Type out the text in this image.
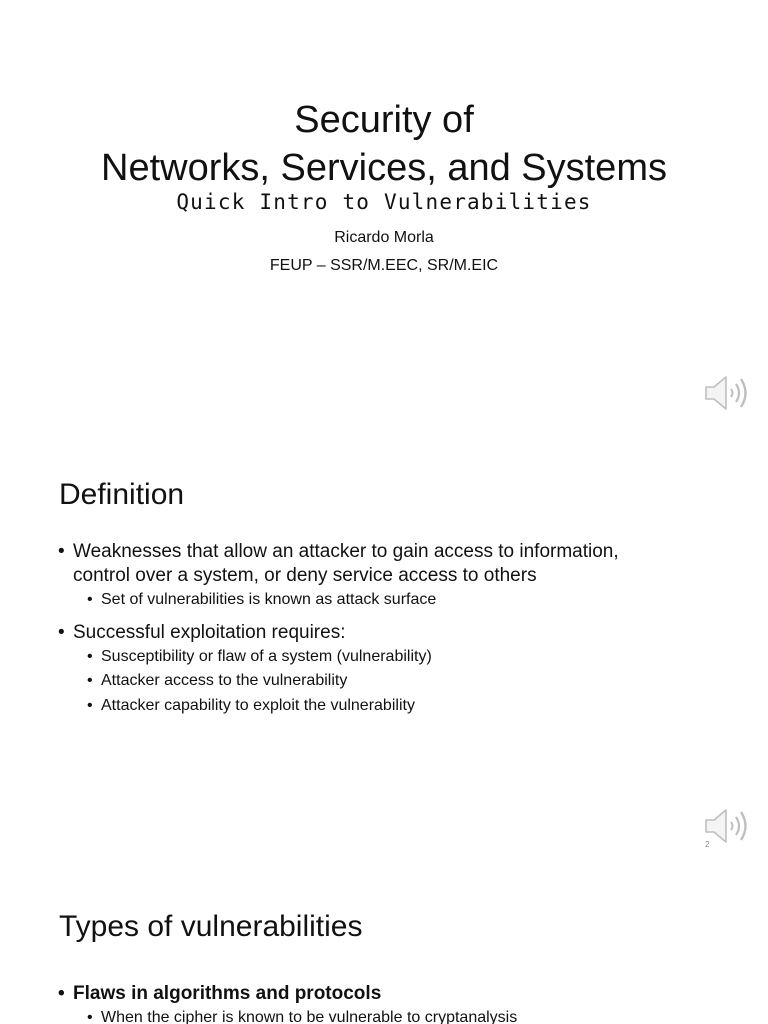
Security of
Networks, Services, and Systems
Quick Intro to Vulnerabilities
Ricardo Morla
FEUP – SSR/M.EEC, SR/M.EIC
Definition
• Weaknesses that allow an attacker to gain access to information, control over a system, or deny service access to others
• Set of vulnerabilities is known as attack surface
• Successful exploitation requires:
• Susceptibility or flaw of a system (vulnerability)
• Attacker access to the vulnerability
• Attacker capability to exploit the vulnerability
2
Types of vulnerabilities
• Flaws in algorithms and protocols
• When the cipher is known to be vulnerable to cryptanalysis
